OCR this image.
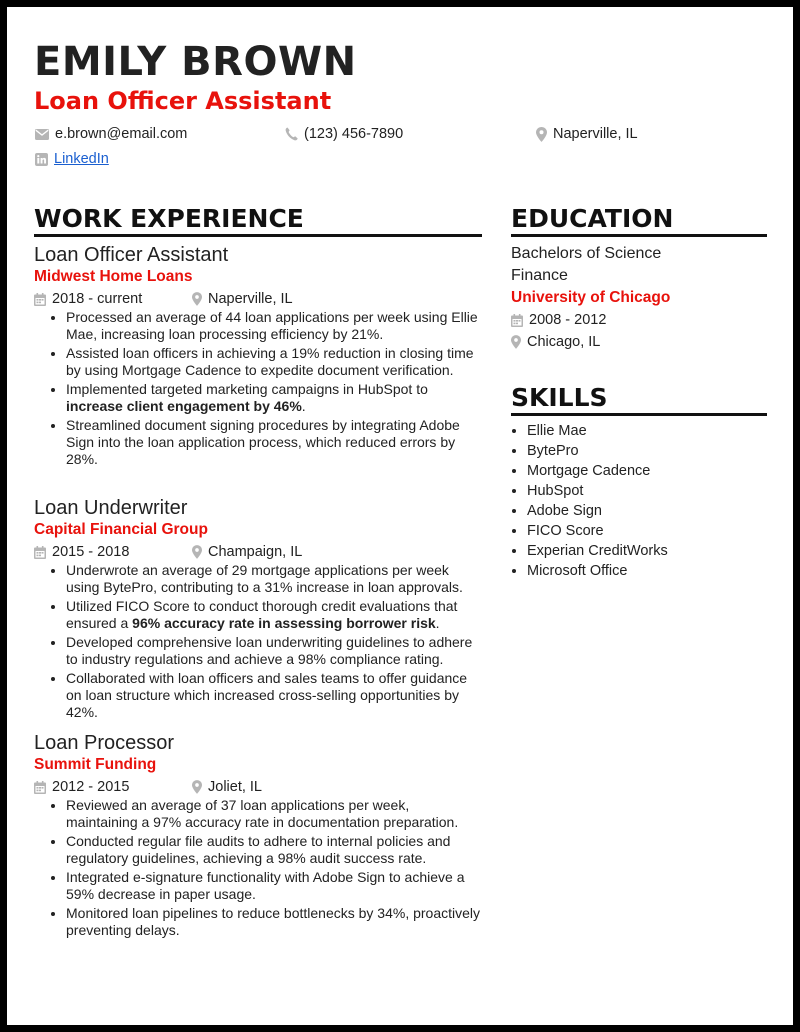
EMILY BROWN
Loan Officer Assistant
e.brown@email.com	(123) 456-7890	Naperville, IL
LinkedIn
WORK EXPERIENCE	EDUCATION
SKILLS
Loan Officer Assistant
Midwest Home Loans
2018 - current	Naperville, IL
• Processed an average of 44 loan applications per week using Ellie Mae, increasing loan processing efficiency by 21%.
• Assisted loan officers in achieving a 19% reduction in closing time by using Mortgage Cadence to expedite document verification.
• Implemented targeted marketing campaigns in HubSpot to increase client engagement by 46%.
• Streamlined document signing procedures by integrating Adobe Sign into the loan application process, which reduced errors by 28%.
Loan Underwriter
Capital Financial Group
2015 - 2018	Champaign, IL
• Underwrote an average of 29 mortgage applications per week using BytePro, contributing to a 31% increase in loan approvals.
• Utilized FICO Score to conduct thorough credit evaluations that ensured a 96% accuracy rate in assessing borrower risk.
• Developed comprehensive loan underwriting guidelines to adhere to industry regulations and achieve a 98% compliance rating.
• Collaborated with loan officers and sales teams to offer guidance on loan structure which increased cross-selling opportunities by 42%.
Loan Processor
Summit Funding
2012 - 2015	Joliet, IL
• Reviewed an average of 37 loan applications per week, maintaining a 97% accuracy rate in documentation preparation.
• Conducted regular file audits to adhere to internal policies and regulatory guidelines, achieving a 98% audit success rate.
• Integrated e-signature functionality with Adobe Sign to achieve a 59% decrease in paper usage.
• Monitored loan pipelines to reduce bottlenecks by 34%, proactively preventing delays.
Bachelors of Science
Finance
University of Chicago
2008 - 2012
Chicago, IL
• Ellie Mae
• BytePro
• Mortgage Cadence
• HubSpot
• Adobe Sign
• FICO Score
• Experian CreditWorks
• Microsoft Office
